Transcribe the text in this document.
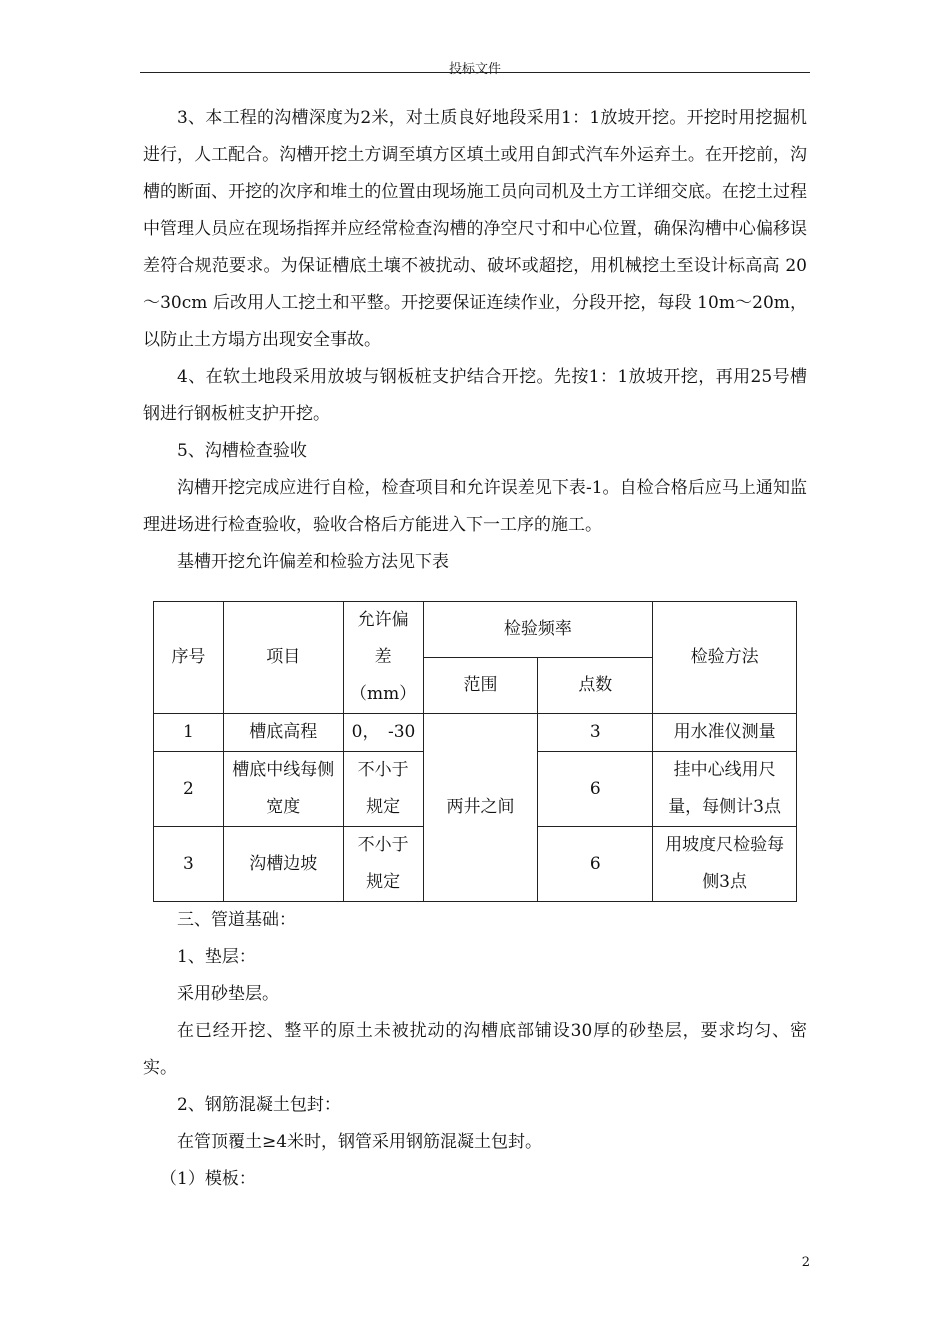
投标文件

3、本工程的沟槽深度为2米，对土质良好地段采用1：1放坡开挖。开挖时用挖掘机进行，人工配合。沟槽开挖土方调至填方区填土或用自卸式汽车外运弃土。在开挖前，沟槽的断面、开挖的次序和堆土的位置由现场施工员向司机及土方工详细交底。在挖土过程中管理人员应在现场指挥并应经常检查沟槽的净空尺寸和中心位置，确保沟槽中心偏移误差符合规范要求。为保证槽底土壤不被扰动、破坏或超挖，用机械挖土至设计标高高 20～30cm 后改用人工挖土和平整。开挖要保证连续作业，分段开挖，每段 10m～20m，以防止土方塌方出现安全事故。

4、在软土地段采用放坡与钢板桩支护结合开挖。先按1：1放坡开挖，再用25号槽钢进行钢板桩支护开挖。

5、沟槽检查验收

沟槽开挖完成应进行自检，检查项目和允许误差见下表-1。自检合格后应马上通知监理进场进行检查验收，验收合格后方能进入下一工序的施工。

基槽开挖允许偏差和检验方法见下表

序号	项目	允许偏差（mm）	检验频率		检验方法
			范围	点数	
1	槽底高程	0，　-30	两井之间	3	用水准仪测量
2	槽底中线每侧宽度	不小于规定		6	挂中心线用尺量，每侧计3点
3	沟槽边坡	不小于规定		6	用坡度尺检验每侧3点

三、管道基础：

1、垫层：

采用砂垫层。

在已经开挖、整平的原土未被扰动的沟槽底部铺设30厚的砂垫层，要求均匀、密实。

2、钢筋混凝土包封：

在管顶覆土≥4米时，钢管采用钢筋混凝土包封。

（1）模板：

2
